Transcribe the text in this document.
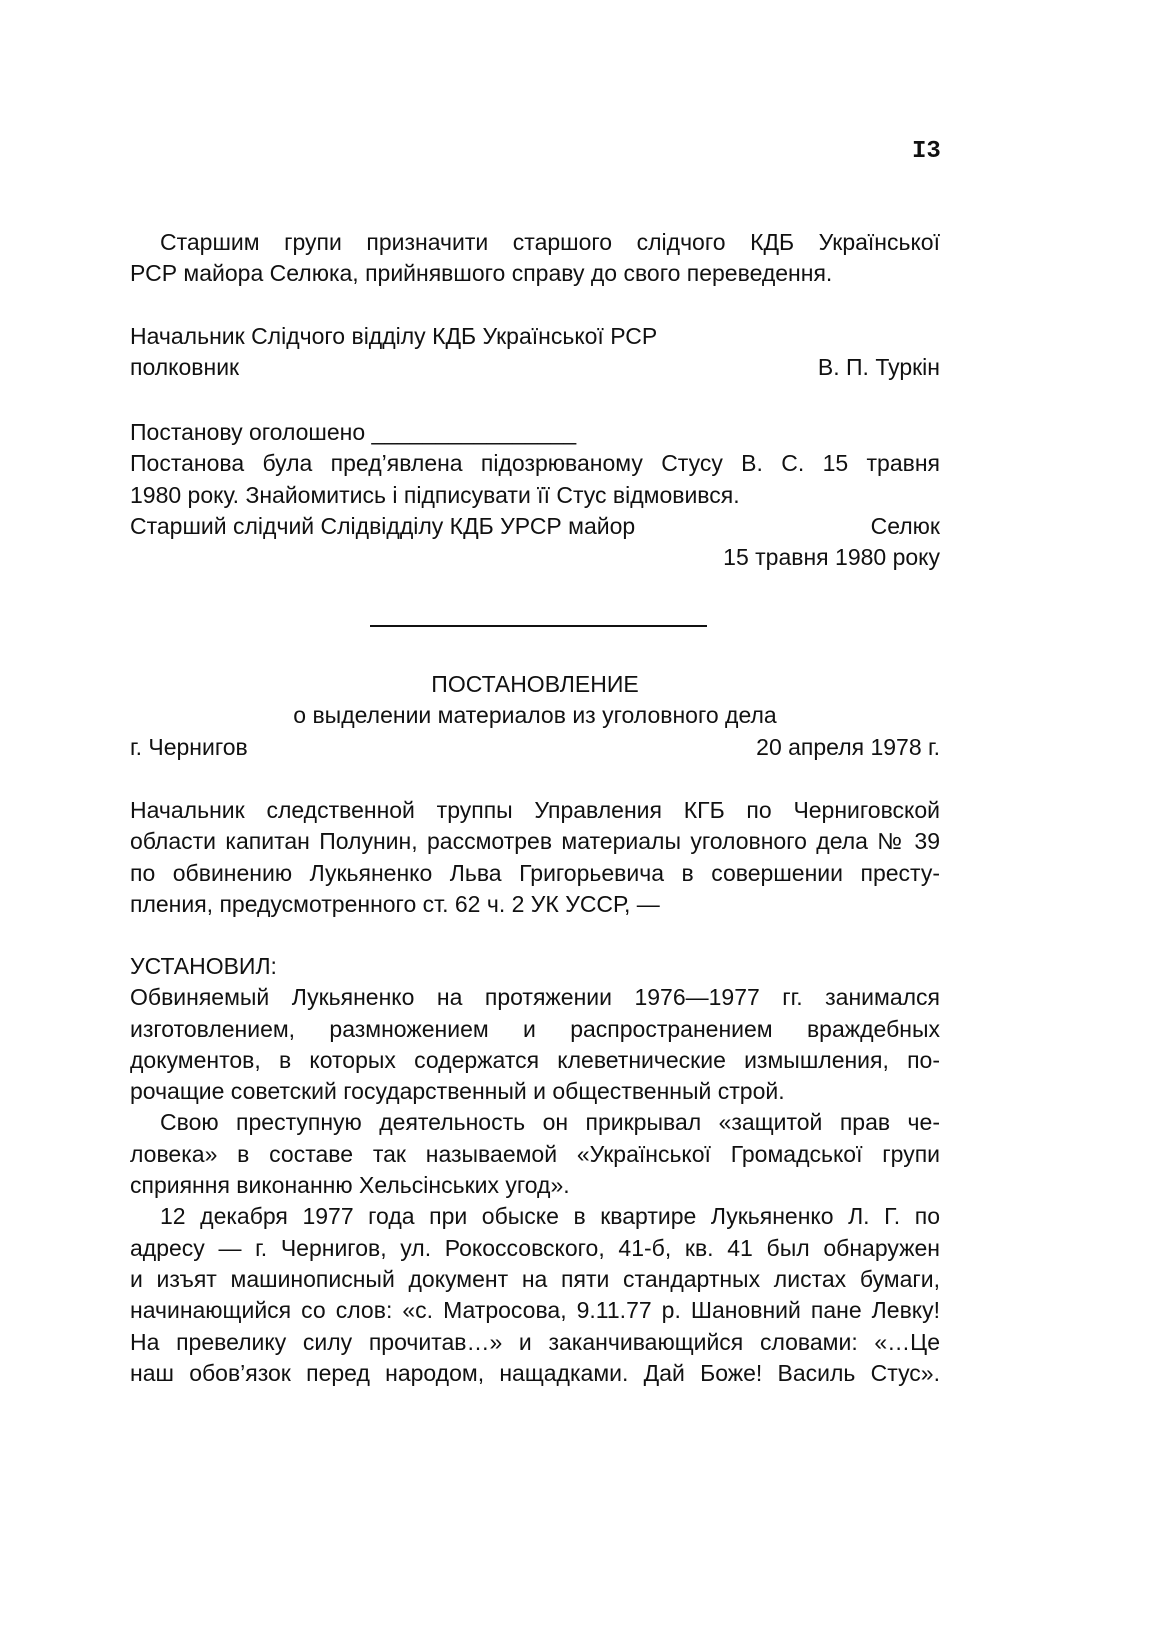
I3
Старшим групи призначити старшого слідчого КДБ Української
РСР майора Селюка, прийнявшого справу до свого переведення.
Начальник Слідчого відділу КДБ Української РСР
полковник	В. П. Туркін
Постанову оголошено ________________
Постанова була пред’явлена підозрюваному Стусу В. С. 15 травня
1980 року. Знайомитись і підписувати її Стус відмовився.
Старший слідчий Слідвідділу КДБ УРСР майор	Селюк
15 травня 1980 року
ПОСТАНОВЛЕНИЕ
о выделении материалов из уголовного дела
г. Чернигов	20 апреля 1978 г.
Начальник следственной труппы Управления КГБ по Черниговской
области капитан Полунин, рассмотрев материалы уголовного дела № 39
по обвинению Лукьяненко Льва Григорьевича в совершении престу-
пления, предусмотренного ст. 62 ч. 2 УК УССР, —
УСТАНОВИЛ:
Обвиняемый Лукьяненко на протяжении 1976—1977 гг. занимался
изготовлением, размножением и распространением враждебных
документов, в которых содержатся клеветнические измышления, по-
рочащие советский государственный и общественный строй.
Свою преступную деятельность он прикрывал «защитой прав че-
ловека» в составе так называемой «Української Громадської групи
сприяння виконанню Хельсінських угод».
12 декабря 1977 года при обыске в квартире Лукьяненко Л. Г. по
адресу — г. Чернигов, ул. Рокоссовского, 41-б, кв. 41 был обнаружен
и изъят машинописный документ на пяти стандартных листах бумаги,
начинающийся со слов: «с. Матросова, 9.11.77 р. Шановний пане Левку!
На превелику силу прочитав…» и заканчивающийся словами: «…Це
наш обов’язок перед народом, нащадками. Дай Боже! Василь Стус».
